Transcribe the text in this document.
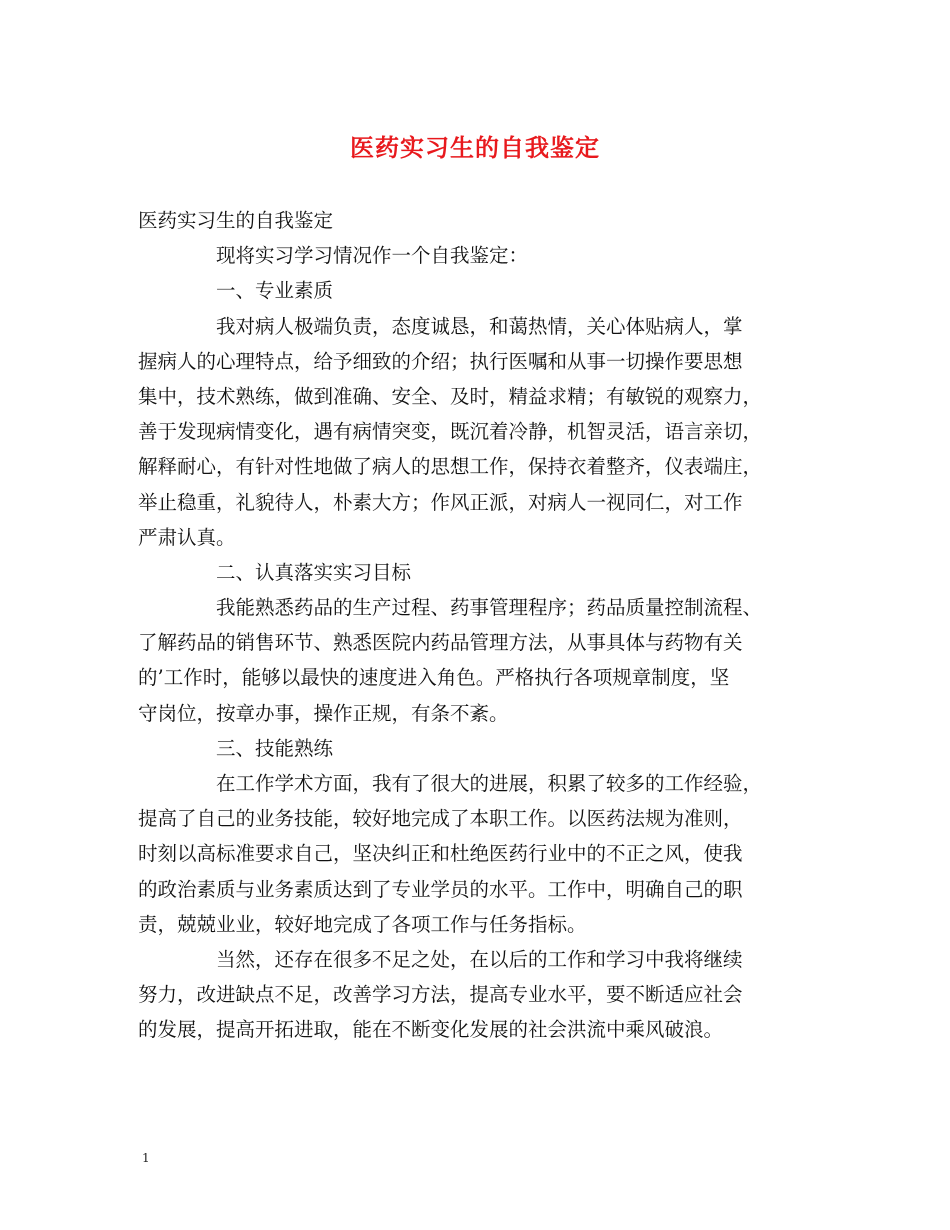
医药实习生的自我鉴定
医药实习生的自我鉴定
现将实习学习情况作一个自我鉴定：
一、专业素质
我对病人极端负责，态度诚恳，和蔼热情，关心体贴病人，掌
握病人的心理特点，给予细致的介绍；执行医嘱和从事一切操作要思想
集中，技术熟练，做到准确、安全、及时，精益求精；有敏锐的观察力，
善于发现病情变化，遇有病情突变，既沉着冷静，机智灵活，语言亲切，
解释耐心，有针对性地做了病人的思想工作，保持衣着整齐，仪表端庄，
举止稳重，礼貌待人，朴素大方；作风正派，对病人一视同仁，对工作
严肃认真。
二、认真落实实习目标
我能熟悉药品的生产过程、药事管理程序；药品质量控制流程、
了解药品的销售环节、熟悉医院内药品管理方法，从事具体与药物有关
的’工作时，能够以最快的速度进入角色。严格执行各项规章制度，坚
守岗位，按章办事，操作正规，有条不紊。
三、技能熟练
在工作学术方面，我有了很大的进展，积累了较多的工作经验，
提高了自己的业务技能，较好地完成了本职工作。以医药法规为准则，
时刻以高标准要求自己，坚决纠正和杜绝医药行业中的不正之风，使我
的政治素质与业务素质达到了专业学员的水平。工作中，明确自己的职
责，兢兢业业，较好地完成了各项工作与任务指标。
当然，还存在很多不足之处，在以后的工作和学习中我将继续
努力，改进缺点不足，改善学习方法，提高专业水平，要不断适应社会
的发展，提高开拓进取，能在不断变化发展的社会洪流中乘风破浪。
1
